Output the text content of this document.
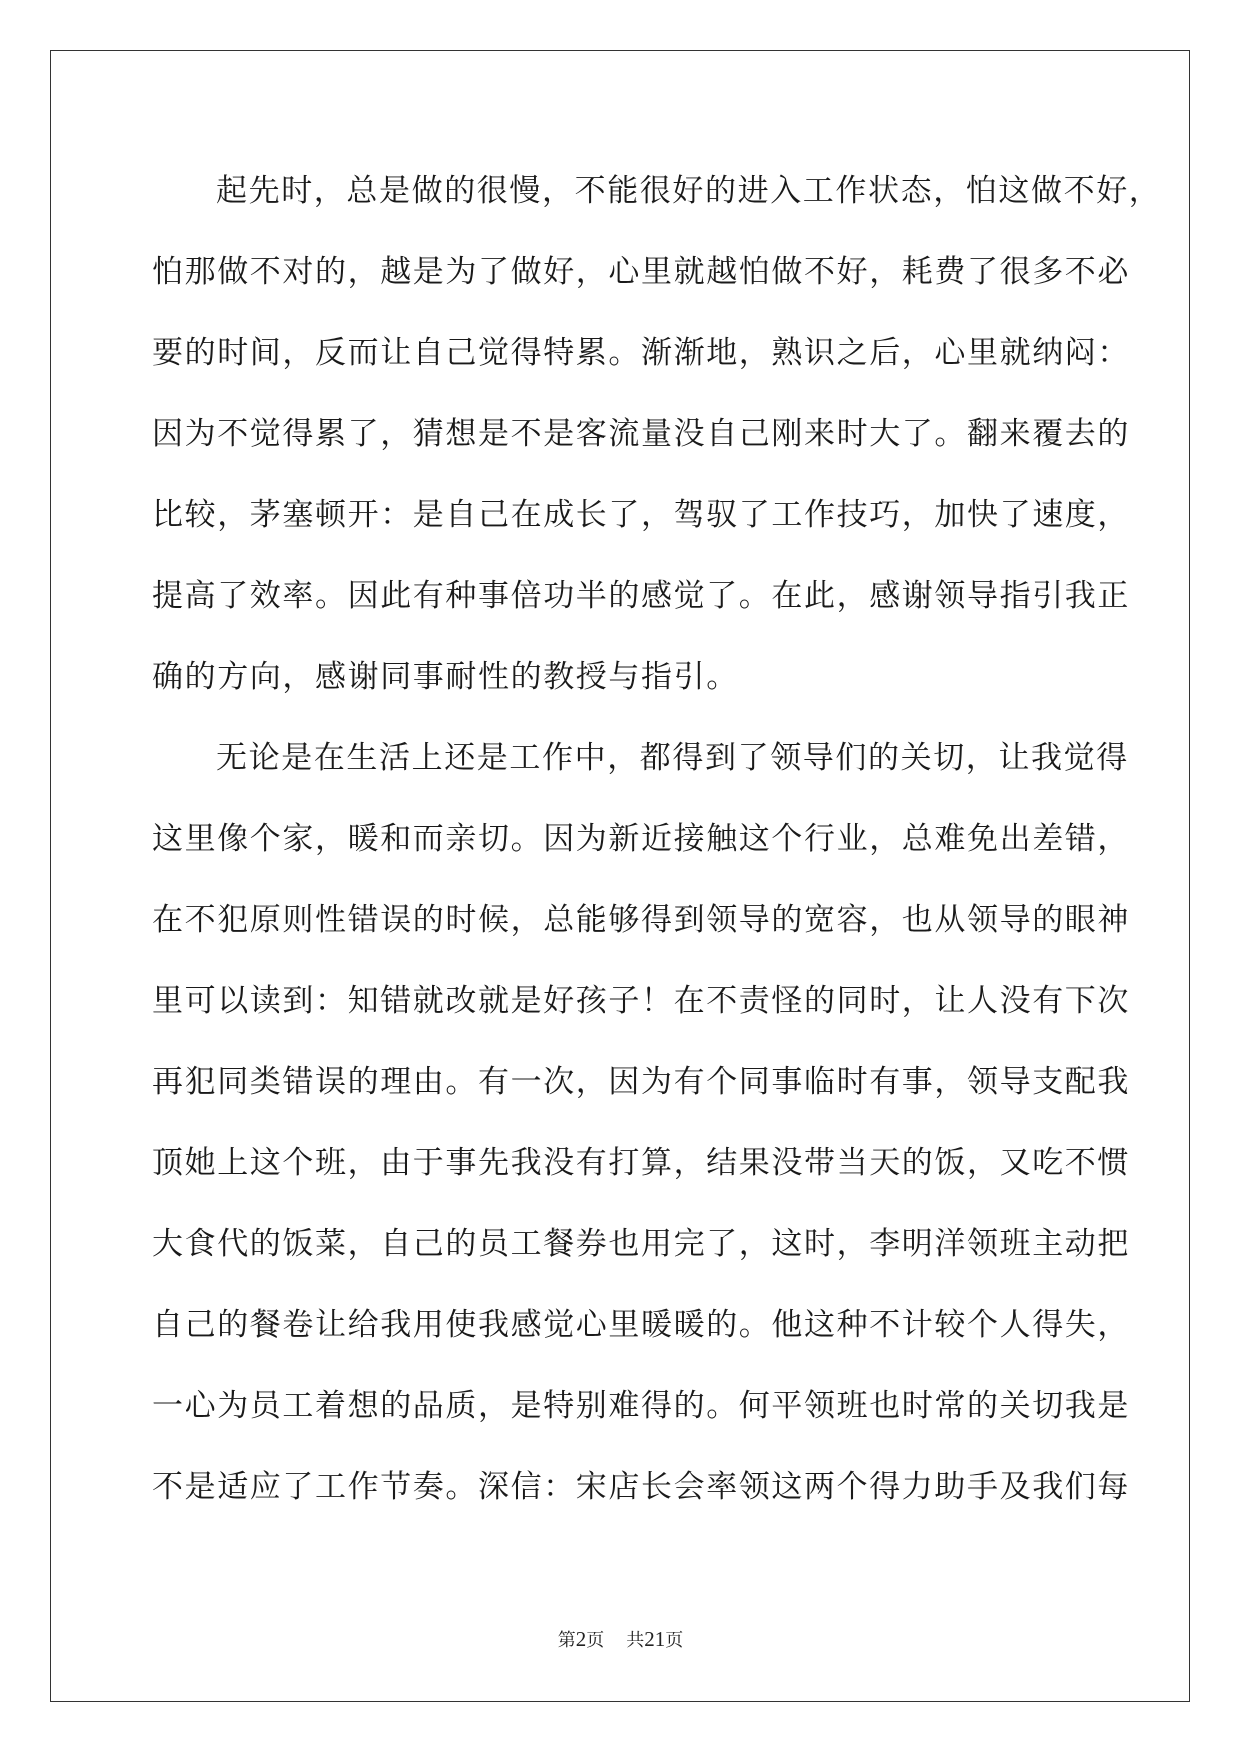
起先时，总是做的很慢，不能很好的进入工作状态，怕这做不好，
怕那做不对的，越是为了做好，心里就越怕做不好，耗费了很多不必
要的时间，反而让自己觉得特累。渐渐地，熟识之后，心里就纳闷：
因为不觉得累了，猜想是不是客流量没自己刚来时大了。翻来覆去的
比较，茅塞顿开：是自己在成长了，驾驭了工作技巧，加快了速度，
提高了效率。因此有种事倍功半的感觉了。在此，感谢领导指引我正
确的方向，感谢同事耐性的教授与指引。
无论是在生活上还是工作中，都得到了领导们的关切，让我觉得
这里像个家，暖和而亲切。因为新近接触这个行业，总难免出差错，
在不犯原则性错误的时候，总能够得到领导的宽容，也从领导的眼神
里可以读到：知错就改就是好孩子！在不责怪的同时，让人没有下次
再犯同类错误的理由。有一次，因为有个同事临时有事，领导支配我
顶她上这个班，由于事先我没有打算，结果没带当天的饭，又吃不惯
大食代的饭菜，自己的员工餐券也用完了，这时，李明洋领班主动把
自己的餐卷让给我用使我感觉心里暖暖的。他这种不计较个人得失，
一心为员工着想的品质，是特别难得的。何平领班也时常的关切我是
不是适应了工作节奏。深信：宋店长会率领这两个得力助手及我们每
第2页 共21页
